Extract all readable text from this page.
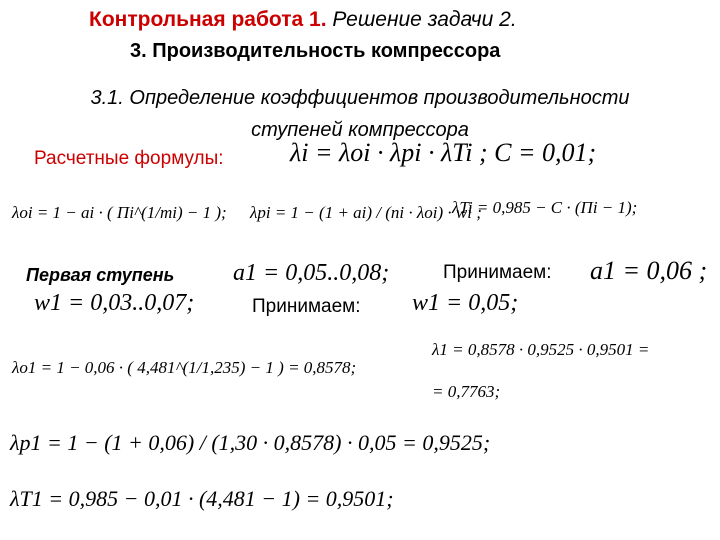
Контрольная работа 1. Решение задачи 2.
3. Производительность компрессора
3.1. Определение коэффициентов производительности
ступеней компрессора
Расчетные формулы:	λi = λoi · λpi · λTi ; C = 0,01;
λoi = 1 − ai · ( Пi^(1/mi) − 1 ); λpi = 1 − (1 + ai) / (ni · λoi) · wi ;
λTi = 0,985 − C · (Пi − 1);
Первая ступень a1 = 0,05..0,08;	Принимаем: a1 = 0,06 ;
w1 = 0,03..0,07;	Принимаем: w1 = 0,05;
λo1 = 1 − 0,06 · ( 4,481^(1/1,235) − 1 ) = 0,8578;
λ1 = 0,8578 · 0,9525 · 0,9501 =
= 0,7763;
λp1 = 1 − (1 + 0,06) / (1,30 · 0,8578) · 0,05 = 0,9525;
λT1 = 0,985 − 0,01 · (4,481 − 1) = 0,9501;
